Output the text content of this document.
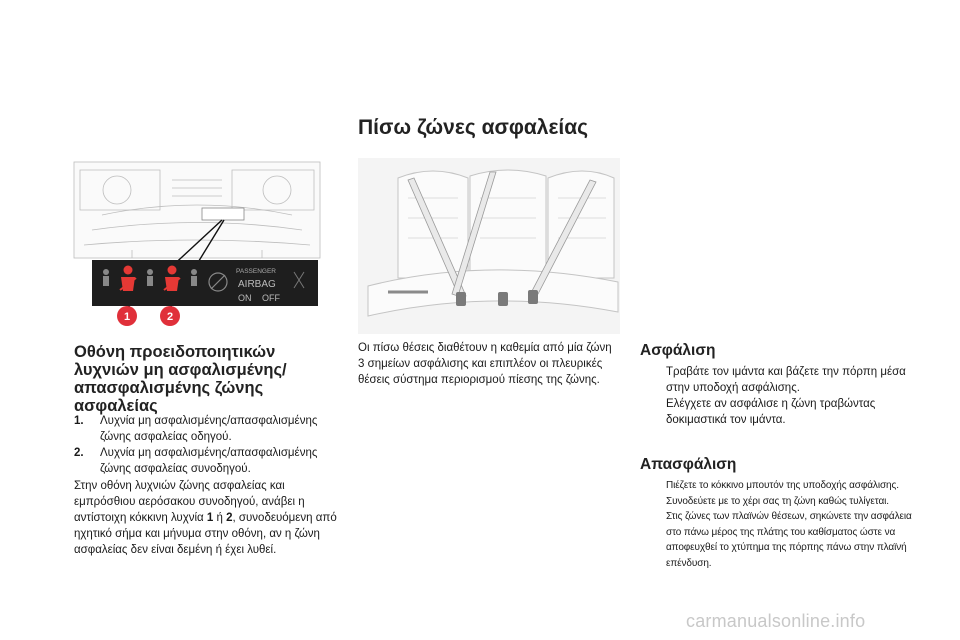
Πίσω ζώνες ασφαλείας
PASSENGER
AIRBAG
ON OFF
1	2
Οθόνη προειδοποιητικών λυχνιών μη ασφαλισμένης/ απασφαλισμένης ζώνης ασφαλείας
1. Λυχνία μη ασφαλισμένης/απασφαλισμένης ζώνης ασφαλείας οδηγού.
2. Λυχνία μη ασφαλισμένης/απασφαλισμένης ζώνης ασφαλείας συνοδηγού.
Στην οθόνη λυχνιών ζώνης ασφαλείας και εμπρόσθιου αερόσακου συνοδηγού, ανάβει η αντίστοιχη κόκκινη λυχνία 1 ή 2, συνοδευόμενη από ηχητικό σήμα και μήνυμα στην οθόνη, αν η ζώνη ασφαλείας δεν είναι δεμένη ή έχει λυθεί.
Οι πίσω θέσεις διαθέτουν η καθεμία από μία ζώνη 3 σημείων ασφάλισης και επιπλέον οι πλευρικές θέσεις σύστημα περιορισμού πίεσης της ζώνης.
Ασφάλιση
Τραβάτε τον ιμάντα και βάζετε την πόρπη μέσα στην υποδοχή ασφάλισης.
Ελέγχετε αν ασφάλισε η ζώνη τραβώντας δοκιμαστικά τον ιμάντα.
Απασφάλιση
Πιέζετε το κόκκινο μπουτόν της υποδοχής ασφάλισης.
Συνοδεύετε με το χέρι σας τη ζώνη καθώς τυλίγεται.
Στις ζώνες των πλαϊνών θέσεων, σηκώνετε την ασφάλεια στο πάνω μέρος της πλάτης του καθίσματος ώστε να αποφευχθεί το χτύπημα της πόρπης πάνω στην πλαϊνή επένδυση.
carmanualsonline.info
